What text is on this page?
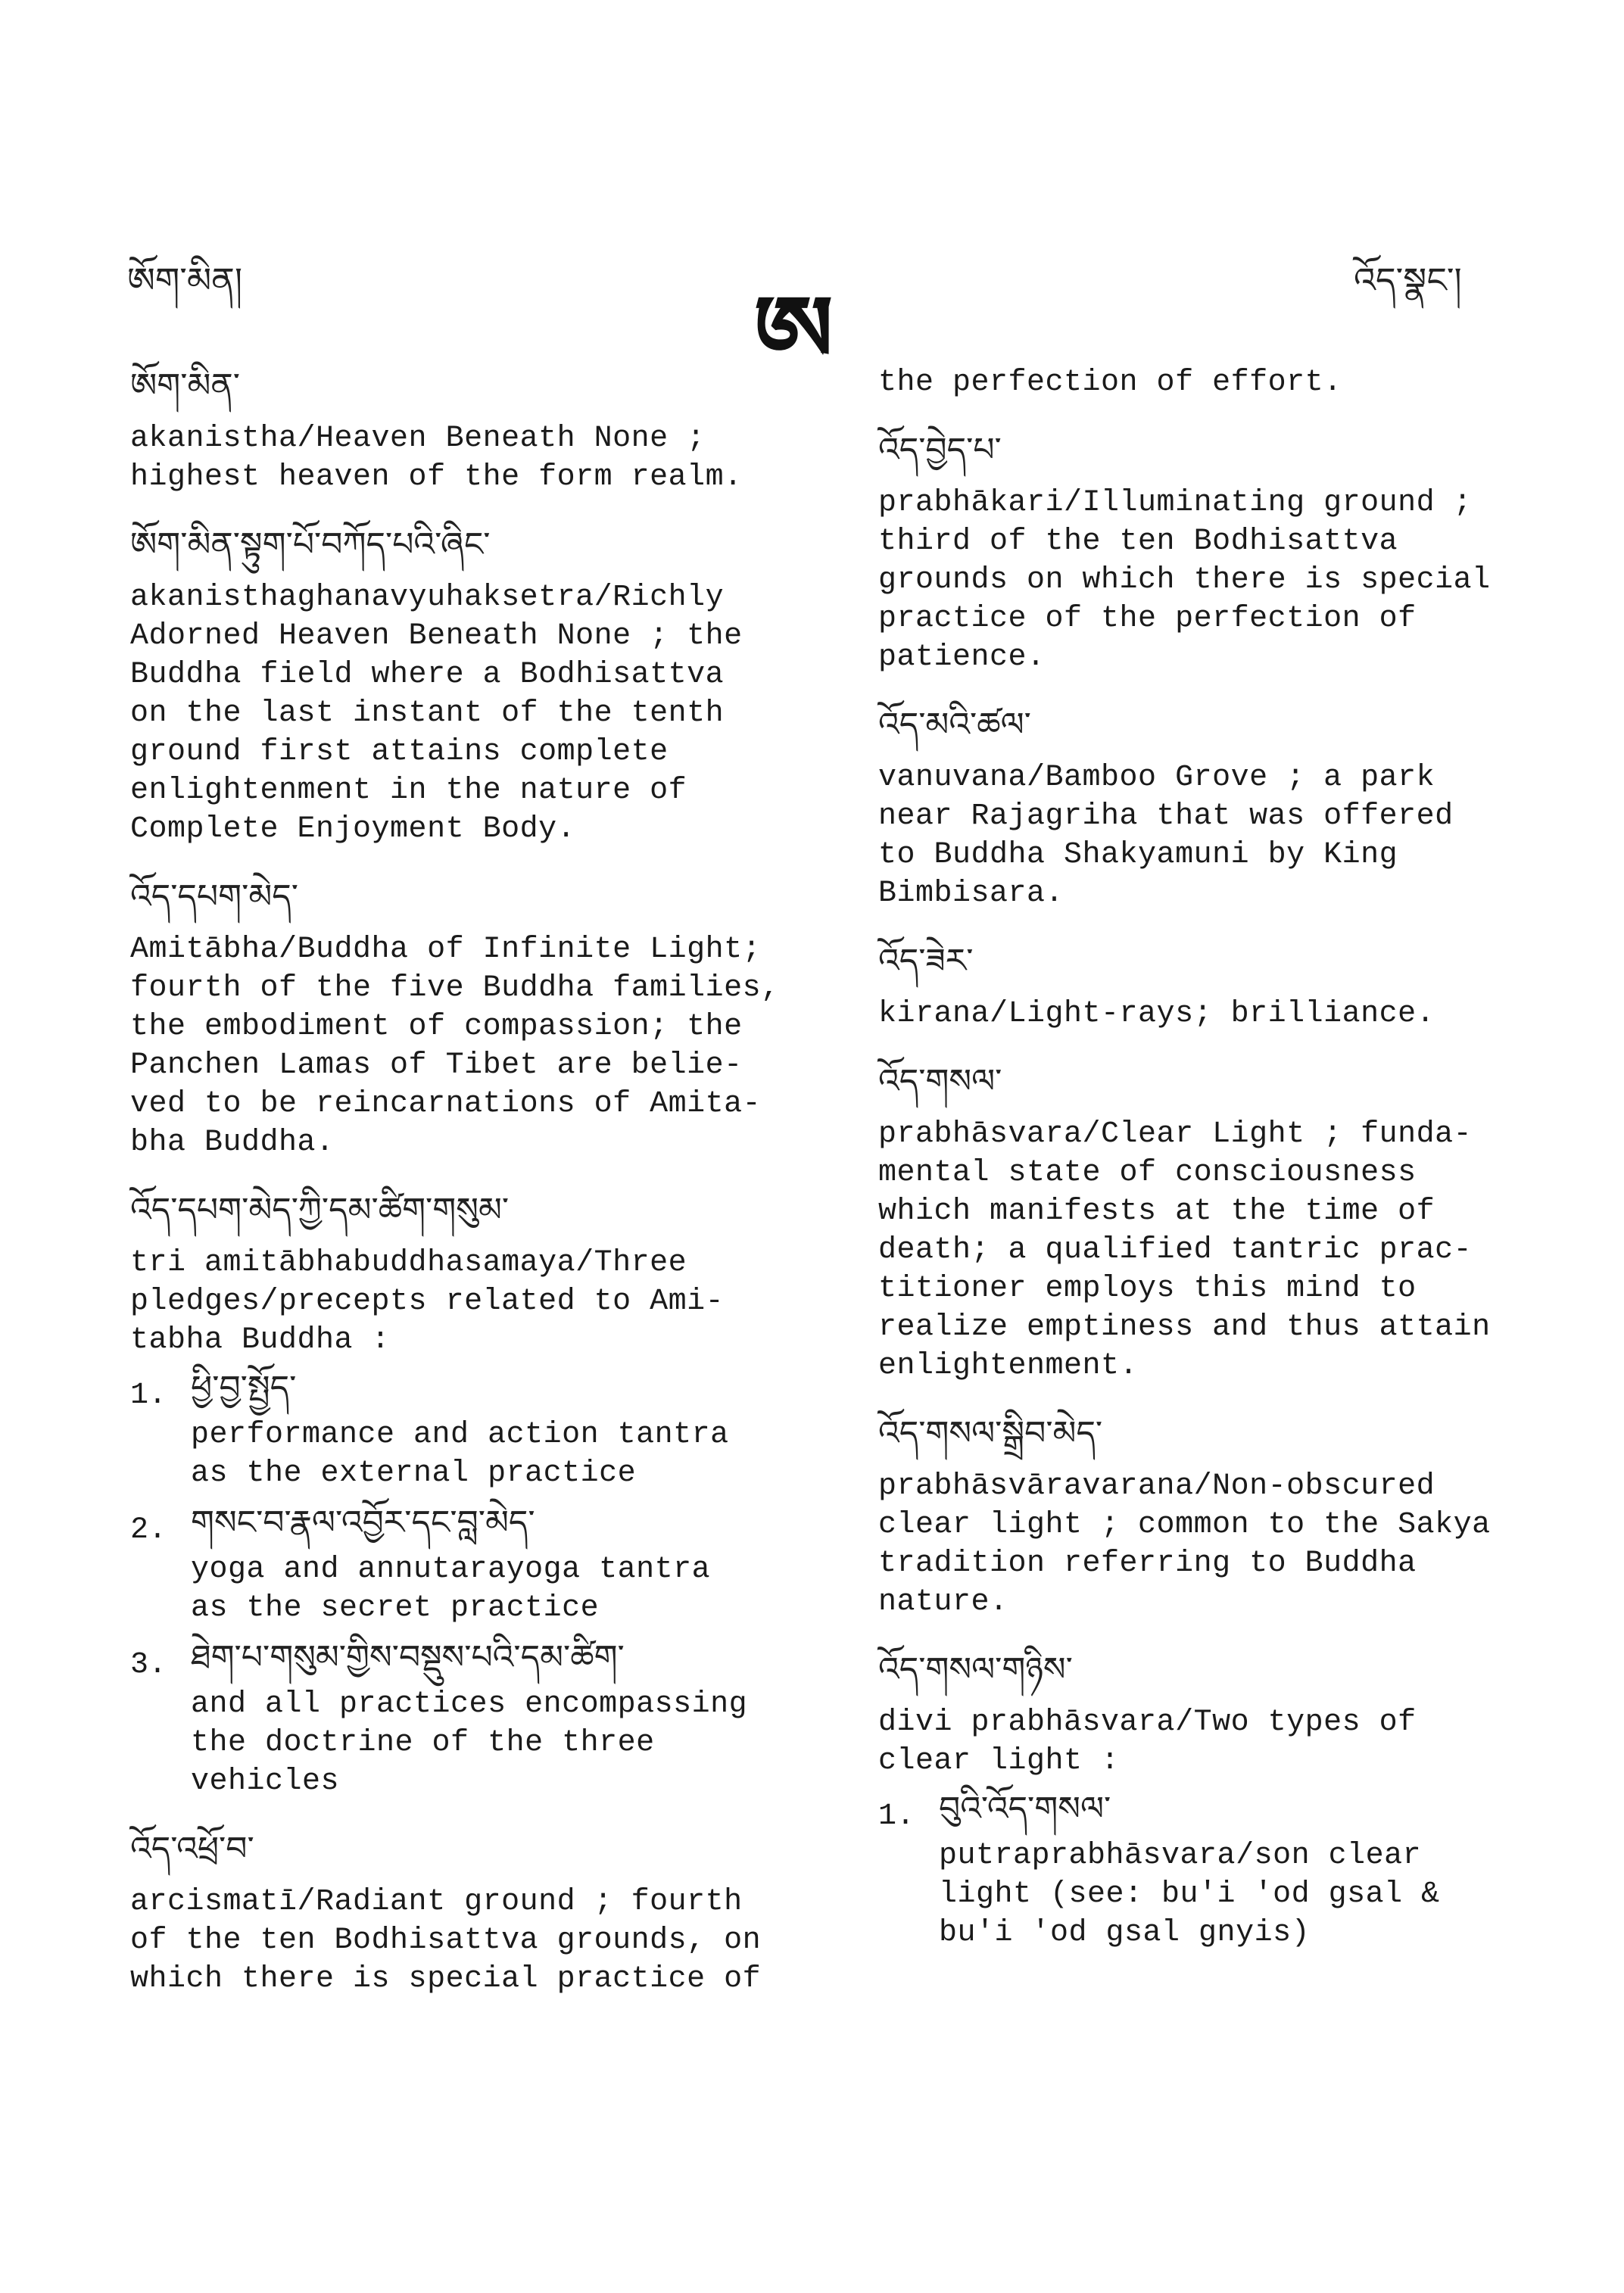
ཨོག་མིན།	ཨ	འོད་སྣང་།
ཨོག་མིན་
akanistha/Heaven Beneath None ;
highest heaven of the form realm.
ཨོག་མིན་སྟུག་པོ་བཀོད་པའི་ཞིང་
akanisthaghanavyuhaksetra/Richly
Adorned Heaven Beneath None ; the
Buddha field where a Bodhisattva
on the last instant of the tenth
ground first attains complete
enlightenment in the nature of
Complete Enjoyment Body.
འོད་དཔག་མེད་
Amitābha/Buddha of Infinite Light;
fourth of the five Buddha families,
the embodiment of compassion; the
Panchen Lamas of Tibet are belie-
ved to be reincarnations of Amita-
bha Buddha.
འོད་དཔག་མེད་ཀྱི་དམ་ཚིག་གསུམ་
tri amitābhabuddhasamaya/Three
pledges/precepts related to Ami-
tabha Buddha :
1. ཕྱི་བྱ་སྤྱོད་
performance and action tantra
as the external practice
2. གསང་བ་རྣལ་འབྱོར་དང་བླ་མེད་
yoga and annutarayoga tantra
as the secret practice
3. ཐེག་པ་གསུམ་གྱིས་བསྡུས་པའི་དམ་ཚིག་
and all practices encompassing
the doctrine of the three
vehicles
འོད་འཕྲོ་བ་
arcismatī/Radiant ground ; fourth
of the ten Bodhisattva grounds, on
which there is special practice of
the perfection of effort.
འོད་བྱེད་པ་
prabhākari/Illuminating ground ;
third of the ten Bodhisattva
grounds on which there is special
practice of the perfection of
patience.
འོད་མའི་ཚལ་
vanuvana/Bamboo Grove ; a park
near Rajagriha that was offered
to Buddha Shakyamuni by King
Bimbisara.
འོད་ཟེར་
kirana/Light-rays; brilliance.
འོད་གསལ་
prabhāsvara/Clear Light ; funda-
mental state of consciousness
which manifests at the time of
death; a qualified tantric prac-
titioner employs this mind to
realize emptiness and thus attain
enlightenment.
འོད་གསལ་སྒྲིབ་མེད་
prabhāsvāravarana/Non-obscured
clear light ; common to the Sakya
tradition referring to Buddha
nature.
འོད་གསལ་གཉིས་
divi prabhāsvara/Two types of
clear light :
1. བུའི་འོད་གསལ་
putraprabhāsvara/son clear
light (see: bu'i 'od gsal &
bu'i 'od gsal gnyis)
